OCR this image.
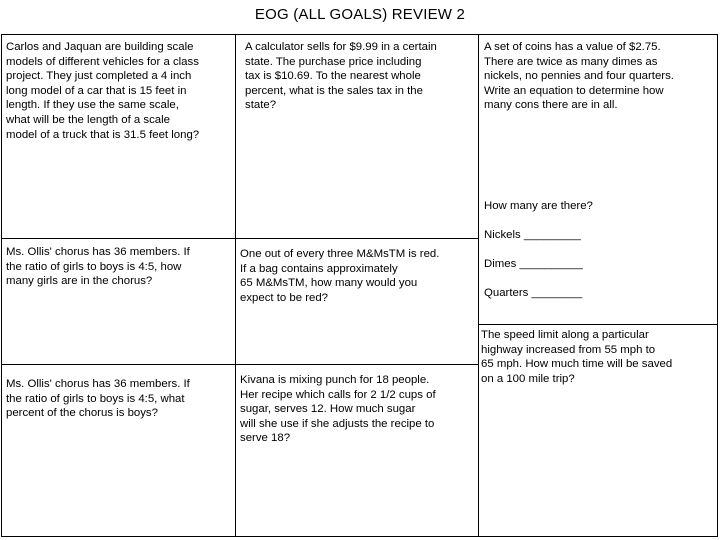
EOG (ALL GOALS) REVIEW 2
Carlos and Jaquan are building scale
models of different vehicles for a class
project. They just completed a 4 inch
long model of a car that is 15 feet in
length. If they use the same scale,
what will be the length of a scale
model of a truck that is 31.5 feet long?
A calculator sells for $9.99 in a certain
state. The purchase price including
tax is $10.69. To the nearest whole
percent, what is the sales tax in the
state?
A set of coins has a value of $2.75.
There are twice as many dimes as
nickels, no pennies and four quarters.
Write an equation to determine how
many cons there are in all.
How many are there?
Nickels _________
Dimes __________
Quarters ________
Ms. Ollis' chorus has 36 members. If
the ratio of girls to boys is 4:5, how
many girls are in the chorus?
One out of every three M&MsTM is red.
If a bag contains approximately
65 M&MsTM, how many would you
expect to be red?
The speed limit along a particular
highway increased from 55 mph to
65 mph. How much time will be saved
on a 100 mile trip?
Ms. Ollis' chorus has 36 members. If
the ratio of girls to boys is 4:5, what
percent of the chorus is boys?
Kivana is mixing punch for 18 people.
Her recipe which calls for 2 1/2 cups of
sugar, serves 12. How much sugar
will she use if she adjusts the recipe to
serve 18?
